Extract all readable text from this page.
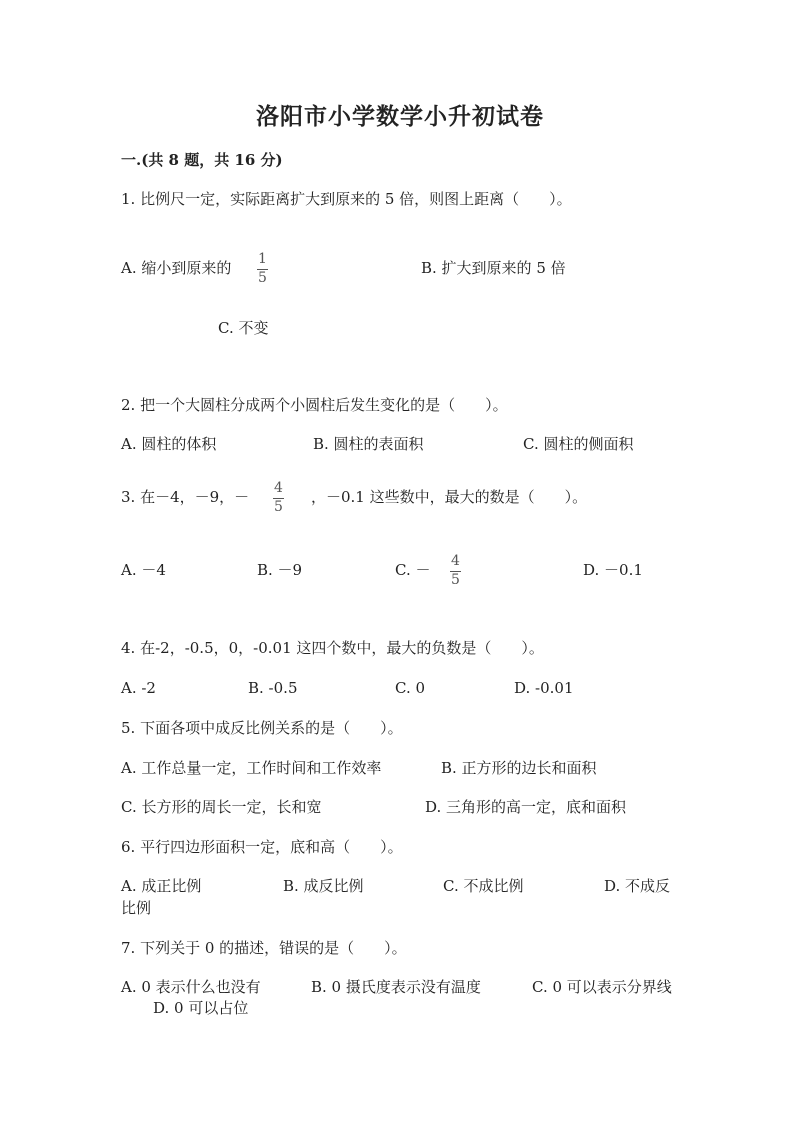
洛阳市小学数学小升初试卷
一.(共 8 题，共 16 分)
1. 比例尺一定，实际距离扩大到原来的 5 倍，则图上距离（　　）。
A. 缩小到原来的 1
5
B. 扩大到原来的 5 倍
C. 不变
2. 把一个大圆柱分成两个小圆柱后发生变化的是（　　）。
A. 圆柱的体积	B. 圆柱的表面积	C. 圆柱的侧面积
3. 在－4，－9，－ 4
5
，－0.1 这些数中，最大的数是（　　）。
A. －4	B. －9	C. － 4
5
D. －0.1
4. 在-2，-0.5，0，-0.01 这四个数中，最大的负数是（　　）。
A. -2	B. -0.5	C. 0	D. -0.01
5. 下面各项中成反比例关系的是（　　）。
A. 工作总量一定，工作时间和工作效率	B. 正方形的边长和面积
C. 长方形的周长一定，长和宽	D. 三角形的高一定，底和面积
6. 平行四边形面积一定，底和高（　　）。
A. 成正比例	B. 成反比例	C. 不成比例	D. 不成反
比例
7. 下列关于 0 的描述，错误的是（　　）。
A. 0 表示什么也没有	B. 0 摄氏度表示没有温度	C. 0 可以表示分界线
D. 0 可以占位
